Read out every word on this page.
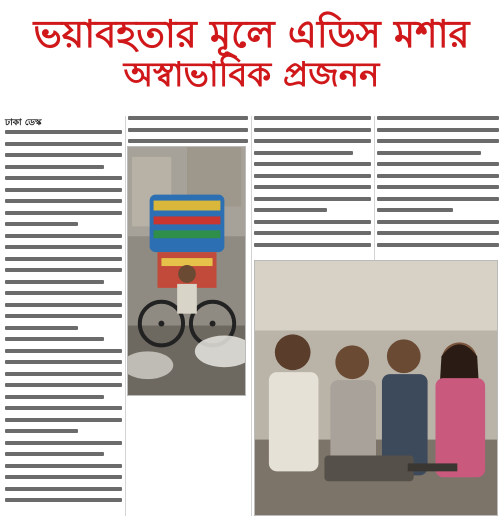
ভয়াবহতার মূলে এডিস মশার
অস্বাভাবিক প্রজনন
ঢাকা ডেস্ক
